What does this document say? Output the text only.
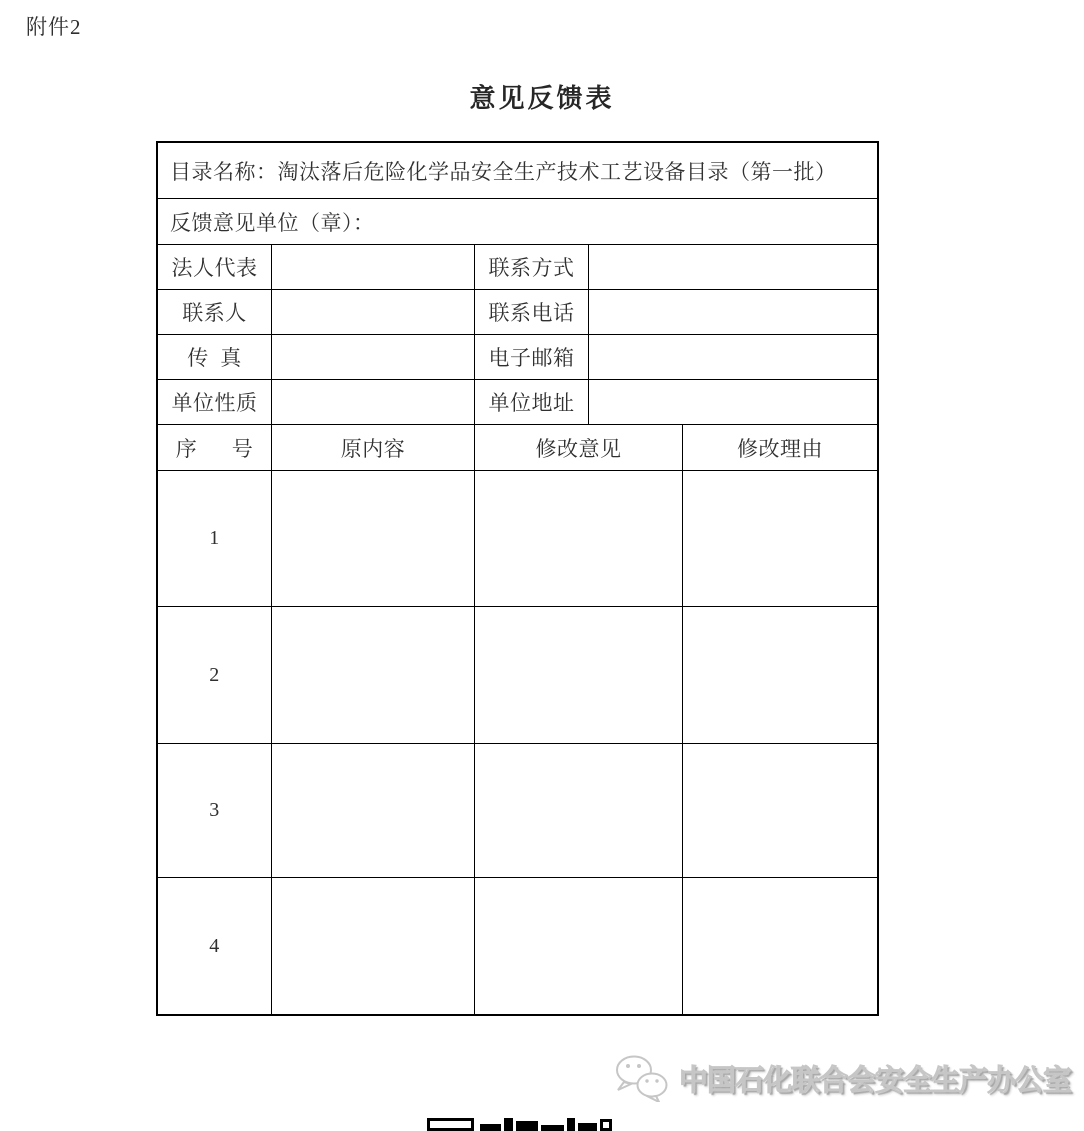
附件2
意见反馈表
目录名称：淘汰落后危险化学品安全生产技术工艺设备目录（第一批）
反馈意见单位（章）：
法人代表	联系方式
联系人	联系电话
传  真	电子邮箱
单位性质	单位地址
序      号	原内容	修改意见	修改理由
1
2
3
4
中国石化联合会安全生产办公室
